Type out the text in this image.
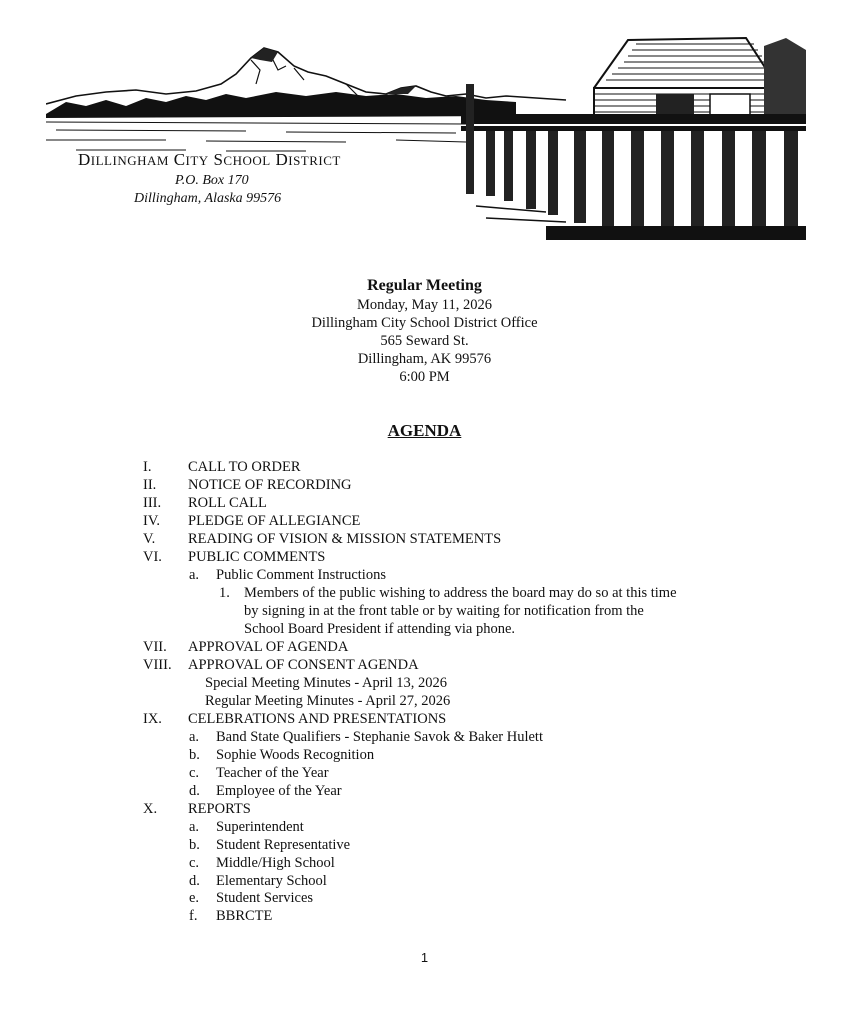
DILLINGHAM CITY SCHOOL DISTRICT
P.O. Box 170
Dillingham, Alaska 99576
Regular Meeting
Monday, May 11, 2026
Dillingham City School District Office
565 Seward St.
Dillingham, AK 99576
6:00 PM
AGENDA
I.	CALL TO ORDER
II. NOTICE OF RECORDING
III. ROLL CALL
IV. PLEDGE OF ALLEGIANCE
V. READING OF VISION & MISSION STATEMENTS
VI. PUBLIC COMMENTS
a. Public Comment Instructions
1. Members of the public wishing to address the board may do so at this time
by signing in at the front table or by waiting for notification from the
School Board President if attending via phone.
VII. APPROVAL OF AGENDA
VIII. APPROVAL OF CONSENT AGENDA
Special Meeting Minutes - April 13, 2026
Regular Meeting Minutes - April 27, 2026
IX. CELEBRATIONS AND PRESENTATIONS
a. Band State Qualifiers - Stephanie Savok & Baker Hulett
b. Sophie Woods Recognition
c. Teacher of the Year
d. Employee of the Year
X. REPORTS
a. Superintendent
b. Student Representative
c. Middle/High School
d. Elementary School
e. Student Services
f. BBRCTE
1
